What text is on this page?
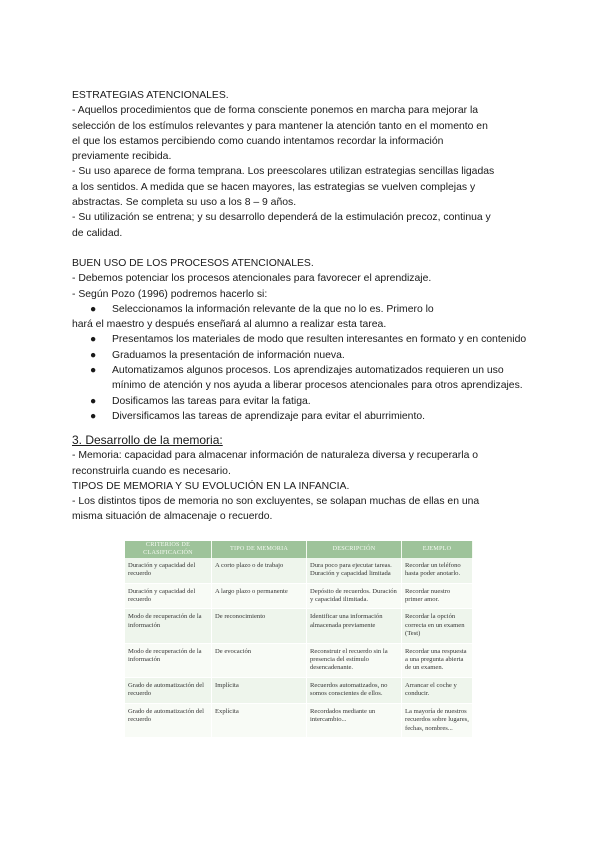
ESTRATEGIAS ATENCIONALES.

- Aquellos procedimientos que de forma consciente ponemos en marcha para mejorar la

selección de los estímulos relevantes y para mantener la atención tanto en el momento en

el que los estamos percibiendo como cuando intentamos recordar la información

previamente recibida.

- Su uso aparece de forma temprana. Los preescolares utilizan estrategias sencillas ligadas

a los sentidos. A medida que se hacen mayores, las estrategias se vuelven complejas y

abstractas. Se completa su uso a los 8 – 9 años.

- Su utilización se entrena; y su desarrollo dependerá de la estimulación precoz, continua y

de calidad.

BUEN USO DE LOS PROCESOS ATENCIONALES.

- Debemos potenciar los procesos atencionales para favorecer el aprendizaje.

- Según Pozo (1996) podremos hacerlo si:

● Seleccionamos la información relevante de la que no lo es. Primero lo

hará el maestro y después enseñará al alumno a realizar esta tarea.

● Presentamos los materiales de modo que resulten interesantes en formato y en contenido
● Graduamos la presentación de información nueva.
● Automatizamos algunos procesos. Los aprendizajes automatizados requieren un uso mínimo de atención y nos ayuda a liberar procesos atencionales para otros aprendizajes.
● Dosificamos las tareas para evitar la fatiga.
● Diversificamos las tareas de aprendizaje para evitar el aburrimiento.

3. Desarrollo de la memoria:

- Memoria: capacidad para almacenar información de naturaleza diversa y recuperarla o

reconstruirla cuando es necesario.

TIPOS DE MEMORIA Y SU EVOLUCIÓN EN LA INFANCIA.

- Los distintos tipos de memoria no son excluyentes, se solapan muchas de ellas en una

misma situación de almacenaje o recuerdo.

CRITERIOS DE CLASIFICACIÓN	TIPO DE MEMORIA	DESCRIPCIÓN	EJEMPLO
Duración y capacidad del recuerdo	A corto plazo o de trabajo	Dura poco para ejecutar tareas. Duración y capacidad limitada	Recordar un teléfono hasta poder anotarlo.
Duración y capacidad del recuerdo	A largo plazo o permanente	Depósito de recuerdos. Duración y capacidad ilimitada.	Recordar nuestro primer amor.
Modo de recuperación de la información	De reconocimiento	Identificar una información almacenada previamente	Recordar la opción correcta en un examen (Test)
Modo de recuperación de la información	De evocación	Reconstruir el recuerdo sin la presencia del estímulo desencadenante.	Recordar una respuesta a una pregunta abierta de un examen.
Grado de automatización del recuerdo	Implícita	Recuerdos automatizados, no somos conscientes de ellos.	Arrancar el coche y conducir.
Grado de automatización del recuerdo	Explícita	Recordados mediante un intercambio...	La mayoría de nuestros recuerdos sobre lugares, fechas, nombres...
